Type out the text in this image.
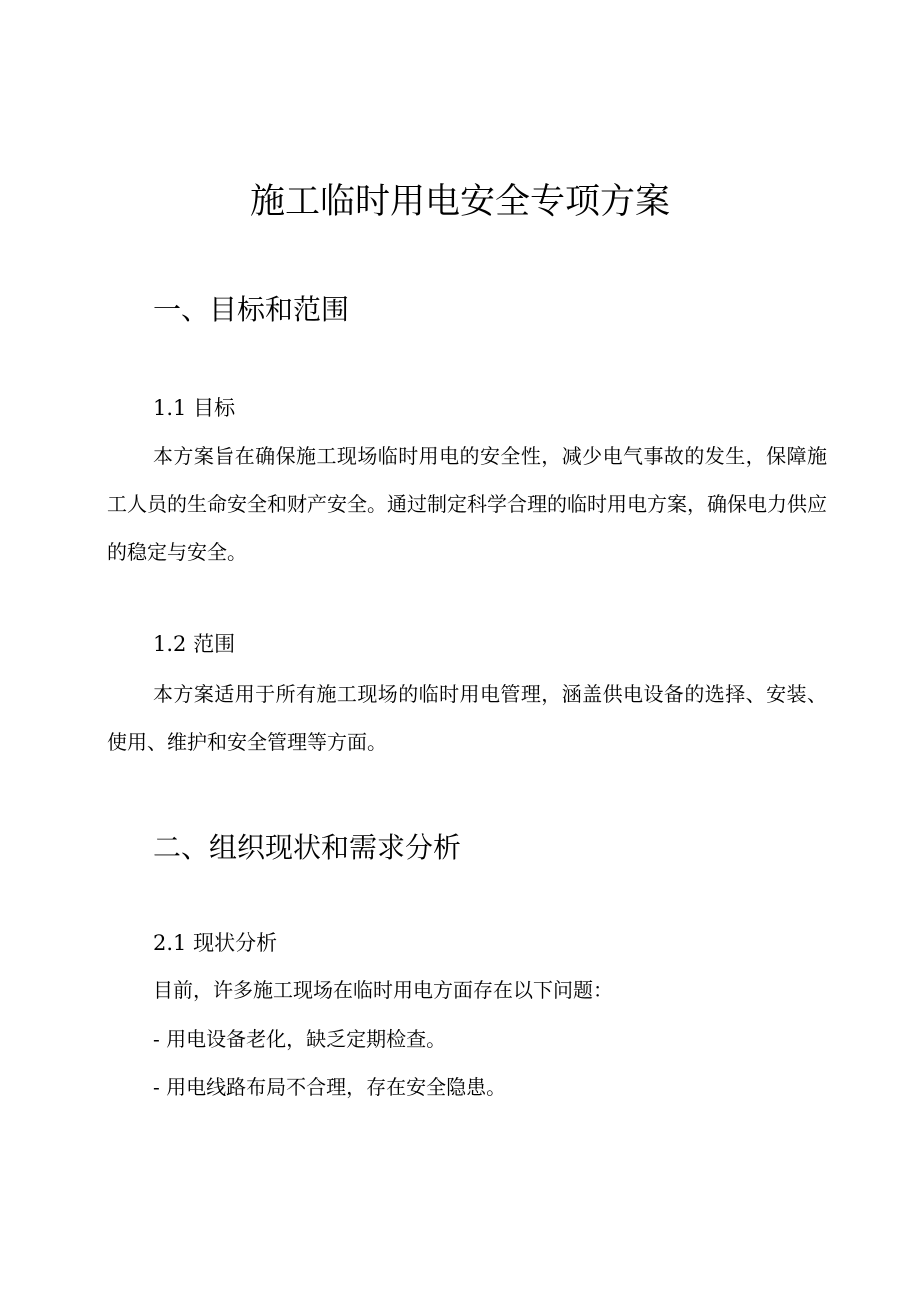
施工临时用电安全专项方案
一、目标和范围
1.1 目标

本方案旨在确保施工现场临时用电的安全性，减少电气事故的发生，保障施工人员的生命安全和财产安全。通过制定科学合理的临时用电方案，确保电力供应的稳定与安全。

1.2 范围

本方案适用于所有施工现场的临时用电管理，涵盖供电设备的选择、安装、使用、维护和安全管理等方面。

二、组织现状和需求分析
2.1 现状分析

目前，许多施工现场在临时用电方面存在以下问题：

- 用电设备老化，缺乏定期检查。

- 用电线路布局不合理，存在安全隐患。
